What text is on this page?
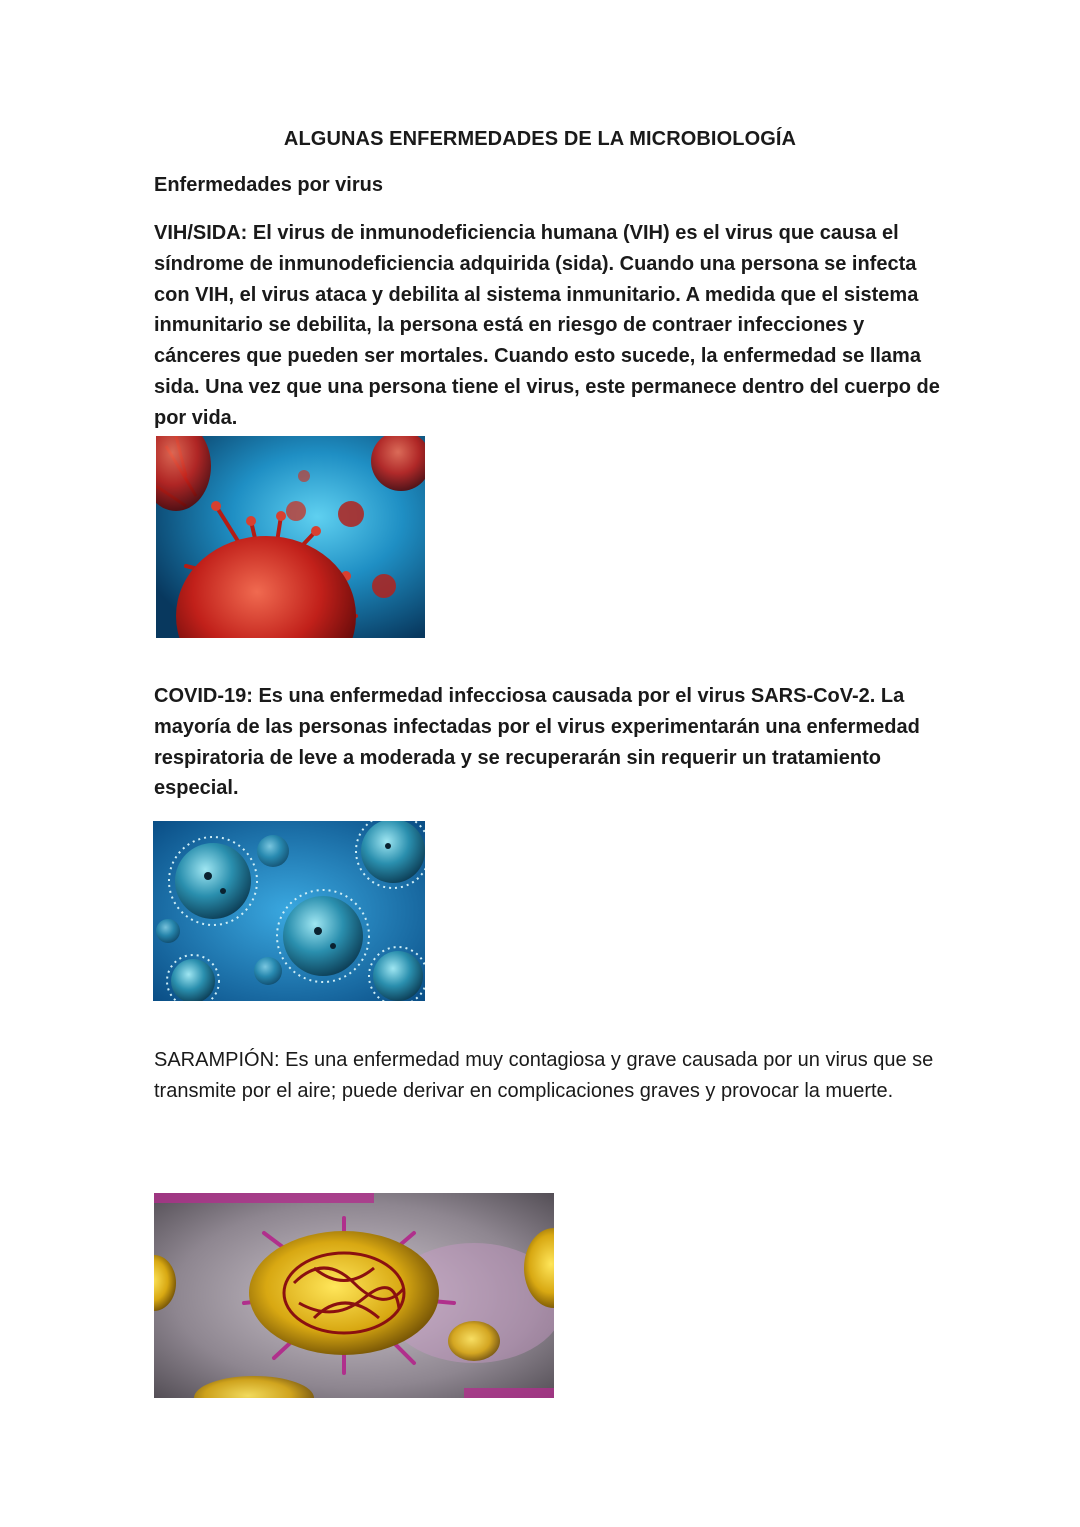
ALGUNAS ENFERMEDADES DE LA MICROBIOLOGÍA
Enfermedades por virus

VIH/SIDA: El virus de inmunodeficiencia humana (VIH) es el virus que causa el síndrome de inmunodeficiencia adquirida (sida). Cuando una persona se infecta con VIH, el virus ataca y debilita al sistema inmunitario. A medida que el sistema inmunitario se debilita, la persona está en riesgo de contraer infecciones y cánceres que pueden ser mortales. Cuando esto sucede, la enfermedad se llama sida. Una vez que una persona tiene el virus, este permanece dentro del cuerpo de por vida.

COVID-19: Es una enfermedad infecciosa causada por el virus SARS-CoV-2. La mayoría de las personas infectadas por el virus experimentarán una enfermedad respiratoria de leve a moderada y se recuperarán sin requerir un tratamiento especial.

SARAMPIÓN: Es una enfermedad muy contagiosa y grave causada por un virus que se transmite por el aire; puede derivar en complicaciones graves y provocar la muerte.
